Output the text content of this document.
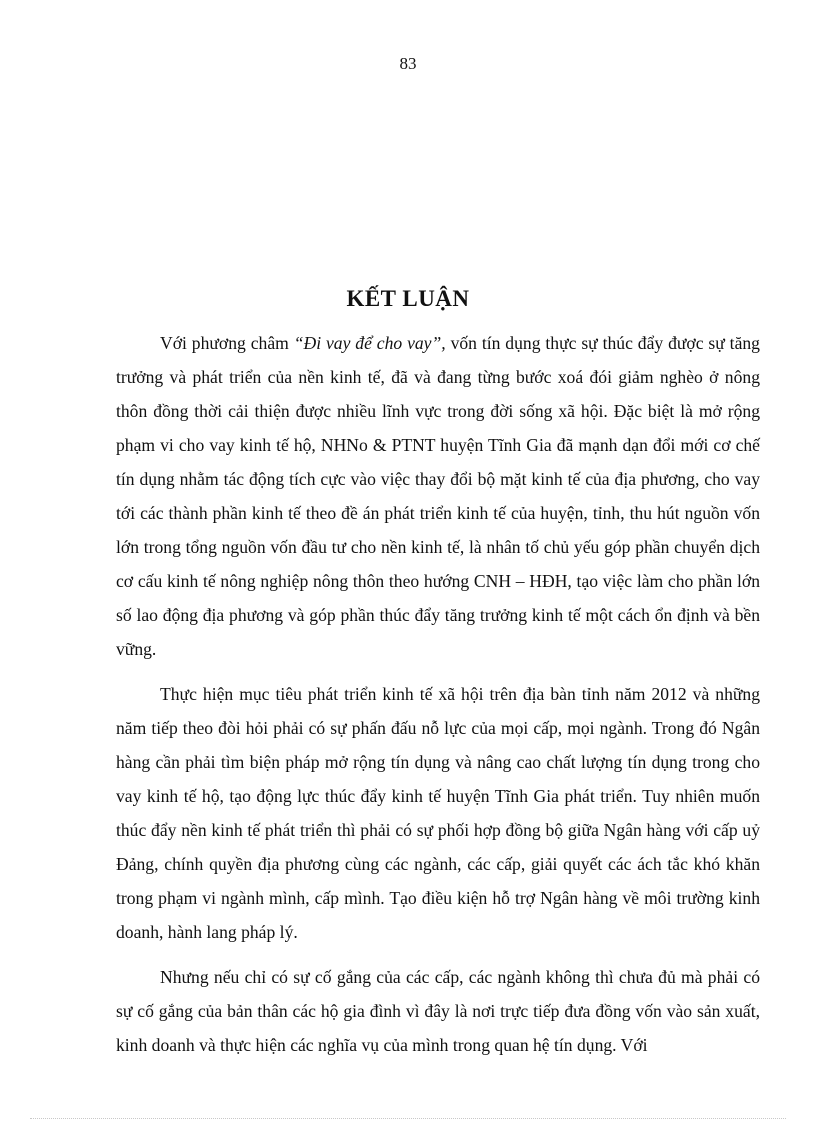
83
KẾT LUẬN

Với phương châm “Đi vay để cho vay”, vốn tín dụng thực sự thúc đẩy được sự tăng trưởng và phát triển của nền kinh tế, đã và đang từng bước xoá đói giảm nghèo ở nông thôn đồng thời cải thiện được nhiều lĩnh vực trong đời sống xã hội. Đặc biệt là mở rộng phạm vi cho vay kinh tế hộ, NHNo & PTNT huyện Tĩnh Gia đã mạnh dạn đổi mới cơ chế tín dụng nhằm tác động tích cực vào việc thay đổi bộ mặt kinh tế của địa phương, cho vay tới các thành phần kinh tế theo đề án phát triển kinh tế của huyện, tỉnh, thu hút nguồn vốn lớn trong tổng nguồn vốn đầu tư cho nền kinh tế, là nhân tố chủ yếu góp phần chuyển dịch cơ cấu kinh tế nông nghiệp nông thôn theo hướng CNH – HĐH, tạo việc làm cho phần lớn số lao động địa phương và góp phần thúc đẩy tăng trưởng kinh tế một cách ổn định và bền vững.

Thực hiện mục tiêu phát triển kinh tế xã hội trên địa bàn tỉnh năm 2012 và những năm tiếp theo đòi hỏi phải có sự phấn đấu nỗ lực của mọi cấp, mọi ngành. Trong đó Ngân hàng cần phải tìm biện pháp mở rộng tín dụng và nâng cao chất lượng tín dụng trong cho vay kinh tế hộ, tạo động lực thúc đẩy kinh tế huyện Tĩnh Gia phát triển. Tuy nhiên muốn thúc đẩy nền kinh tế phát triển thì phải có sự phối hợp đồng bộ giữa Ngân hàng với cấp uỷ Đảng, chính quyền địa phương cùng các ngành, các cấp, giải quyết các ách tắc khó khăn trong phạm vi ngành mình, cấp mình. Tạo điều kiện hỗ trợ Ngân hàng về môi trường kinh doanh, hành lang pháp lý.

Nhưng nếu chỉ có sự cố gắng của các cấp, các ngành không thì chưa đủ mà phải có sự cố gắng của bản thân các hộ gia đình vì đây là nơi trực tiếp đưa đồng vốn vào sản xuất, kinh doanh và thực hiện các nghĩa vụ của mình trong quan hệ tín dụng. Với
